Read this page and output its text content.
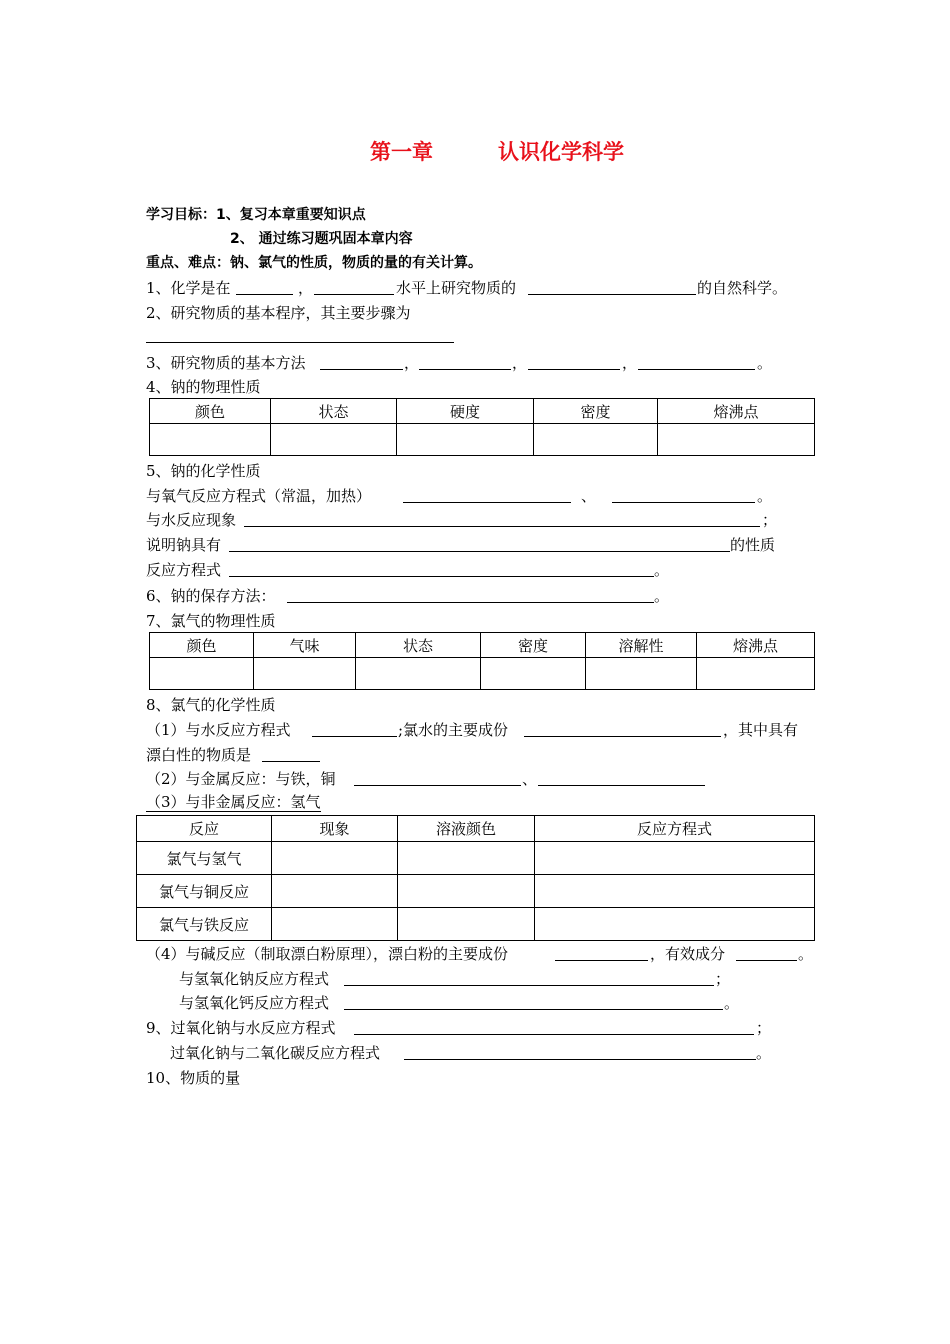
第一章	认识化学科学
学习目标：1、复习本章重要知识点
2、 通过练习题巩固本章内容
重点、难点：钠、氯气的性质，物质的量的有关计算。
1、化学是在	，	水平上研究物质的	的自然科学。
2、研究物质的基本程序，其主要步骤为
3、研究物质的基本方法	，	，	，	。
4、钠的物理性质
颜色	状态	硬度	密度	熔沸点

5、钠的化学性质
与氧气反应方程式（常温，加热）	、	。
与水反应现象	；
说明钠具有	的性质
反应方程式	。
6、钠的保存方法：	。
7、氯气的物理性质
颜色	气味	状态	密度	溶解性	熔沸点

8、氯气的化学性质
（1）与水反应方程式	;氯水的主要成份	，其中具有
漂白性的物质是
（2）与金属反应：与铁，铜	、
（3）与非金属反应：氢气
反应	现象	溶液颜色	反应方程式
氯气与氢气			
氯气与铜反应			
氯气与铁反应			
（4）与碱反应（制取漂白粉原理），漂白粉的主要成份	，有效成分	。
与氢氧化钠反应方程式	；
与氢氧化钙反应方程式	。
9、过氧化钠与水反应方程式	；
过氧化钠与二氧化碳反应方程式	。
10、物质的量
